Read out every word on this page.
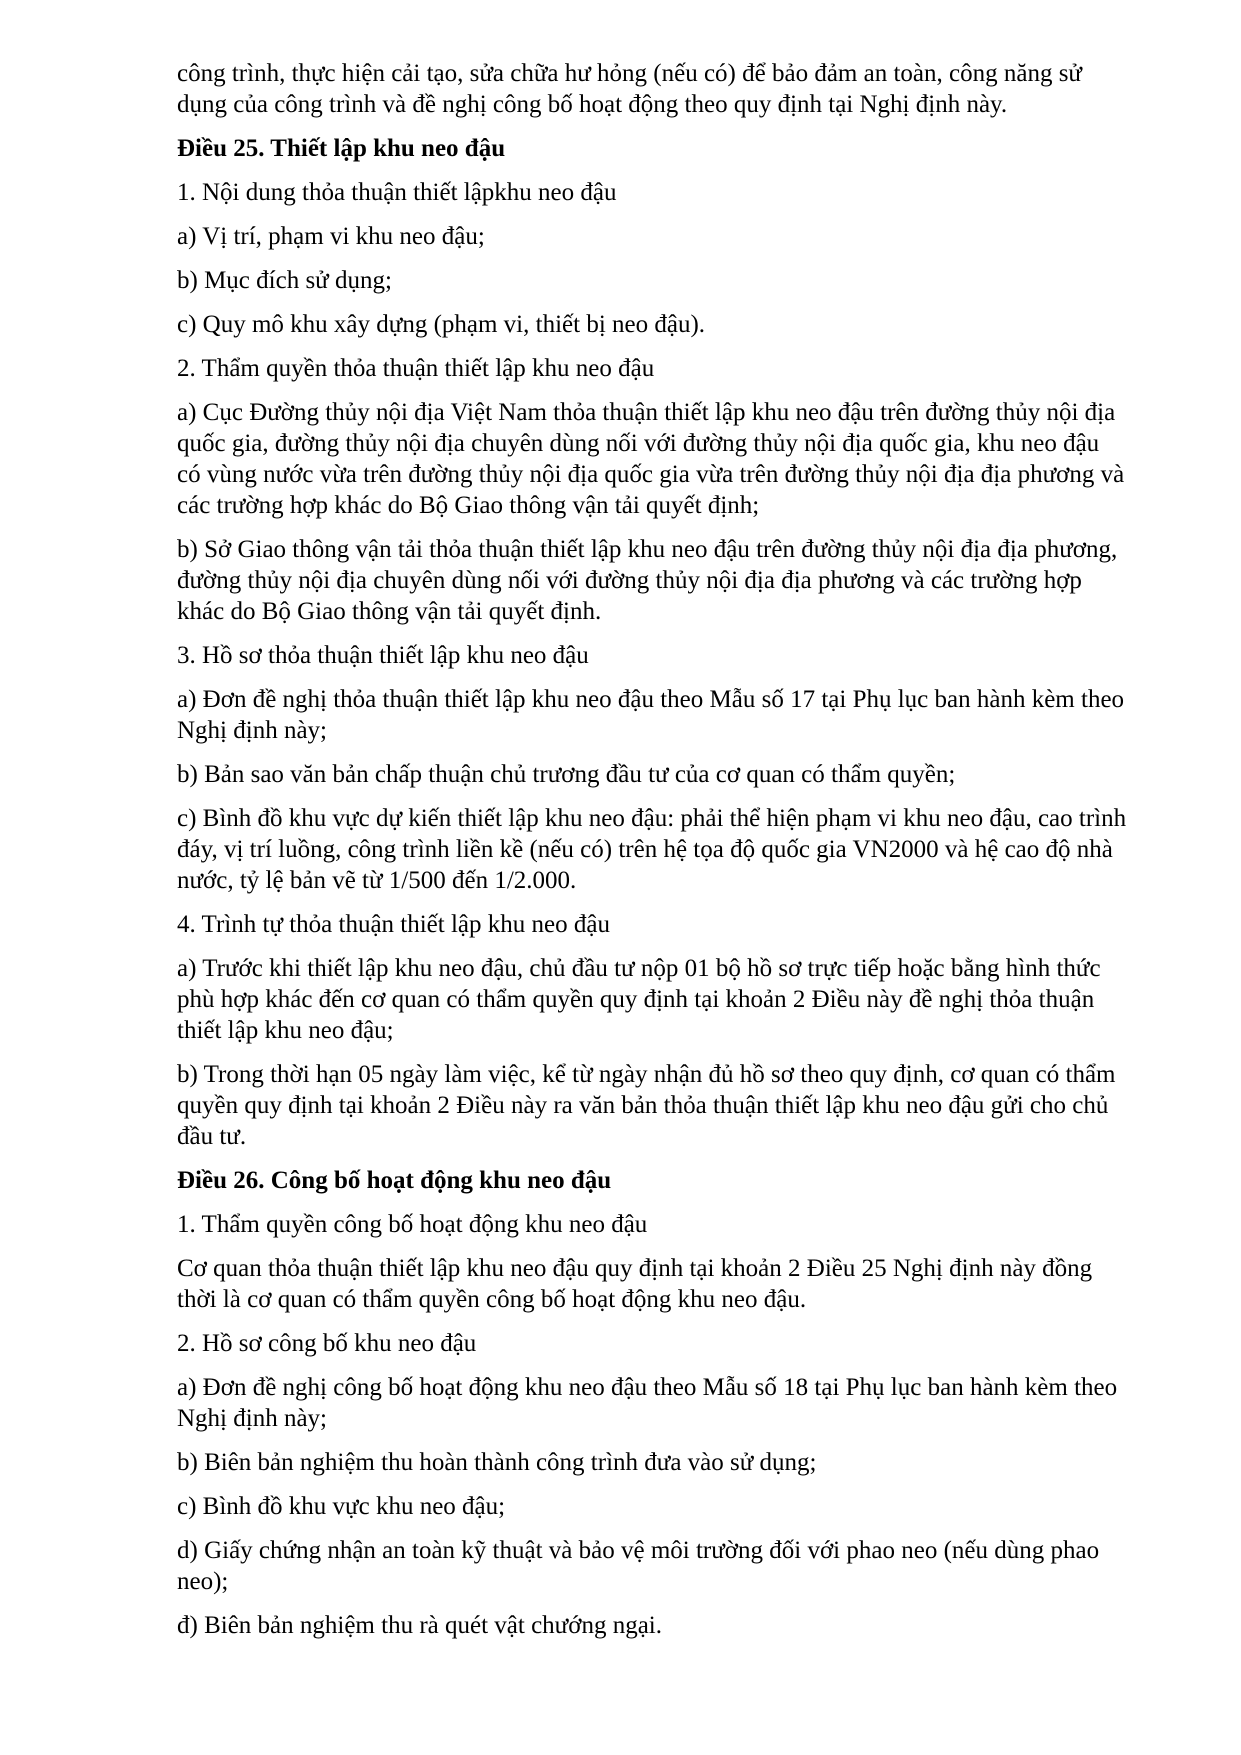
công trình, thực hiện cải tạo, sửa chữa hư hỏng (nếu có) để bảo đảm an toàn, công năng sử dụng của công trình và đề nghị công bố hoạt động theo quy định tại Nghị định này.

Điều 25. Thiết lập khu neo đậu

1. Nội dung thỏa thuận thiết lậpkhu neo đậu

a) Vị trí, phạm vi khu neo đậu;

b) Mục đích sử dụng;

c) Quy mô khu xây dựng (phạm vi, thiết bị neo đậu).

2. Thẩm quyền thỏa thuận thiết lập khu neo đậu

a) Cục Đường thủy nội địa Việt Nam thỏa thuận thiết lập khu neo đậu trên đường thủy nội địa quốc gia, đường thủy nội địa chuyên dùng nối với đường thủy nội địa quốc gia, khu neo đậu có vùng nước vừa trên đường thủy nội địa quốc gia vừa trên đường thủy nội địa địa phương và các trường hợp khác do Bộ Giao thông vận tải quyết định;

b) Sở Giao thông vận tải thỏa thuận thiết lập khu neo đậu trên đường thủy nội địa địa phương, đường thủy nội địa chuyên dùng nối với đường thủy nội địa địa phương và các trường hợp khác do Bộ Giao thông vận tải quyết định.

3. Hồ sơ thỏa thuận thiết lập khu neo đậu

a) Đơn đề nghị thỏa thuận thiết lập khu neo đậu theo Mẫu số 17 tại Phụ lục ban hành kèm theo Nghị định này;

b) Bản sao văn bản chấp thuận chủ trương đầu tư của cơ quan có thẩm quyền;

c) Bình đồ khu vực dự kiến thiết lập khu neo đậu: phải thể hiện phạm vi khu neo đậu, cao trình đáy, vị trí luồng, công trình liền kề (nếu có) trên hệ tọa độ quốc gia VN2000 và hệ cao độ nhà nước, tỷ lệ bản vẽ từ 1/500 đến 1/2.000.

4. Trình tự thỏa thuận thiết lập khu neo đậu

a) Trước khi thiết lập khu neo đậu, chủ đầu tư nộp 01 bộ hồ sơ trực tiếp hoặc bằng hình thức phù hợp khác đến cơ quan có thẩm quyền quy định tại khoản 2 Điều này đề nghị thỏa thuận thiết lập khu neo đậu;

b) Trong thời hạn 05 ngày làm việc, kể từ ngày nhận đủ hồ sơ theo quy định, cơ quan có thẩm quyền quy định tại khoản 2 Điều này ra văn bản thỏa thuận thiết lập khu neo đậu gửi cho chủ đầu tư.

Điều 26. Công bố hoạt động khu neo đậu

1. Thẩm quyền công bố hoạt động khu neo đậu

Cơ quan thỏa thuận thiết lập khu neo đậu quy định tại khoản 2 Điều 25 Nghị định này đồng thời là cơ quan có thẩm quyền công bố hoạt động khu neo đậu.

2. Hồ sơ công bố khu neo đậu

a) Đơn đề nghị công bố hoạt động khu neo đậu theo Mẫu số 18 tại Phụ lục ban hành kèm theo Nghị định này;

b) Biên bản nghiệm thu hoàn thành công trình đưa vào sử dụng;

c) Bình đồ khu vực khu neo đậu;

d) Giấy chứng nhận an toàn kỹ thuật và bảo vệ môi trường đối với phao neo (nếu dùng phao neo);

đ) Biên bản nghiệm thu rà quét vật chướng ngại.
